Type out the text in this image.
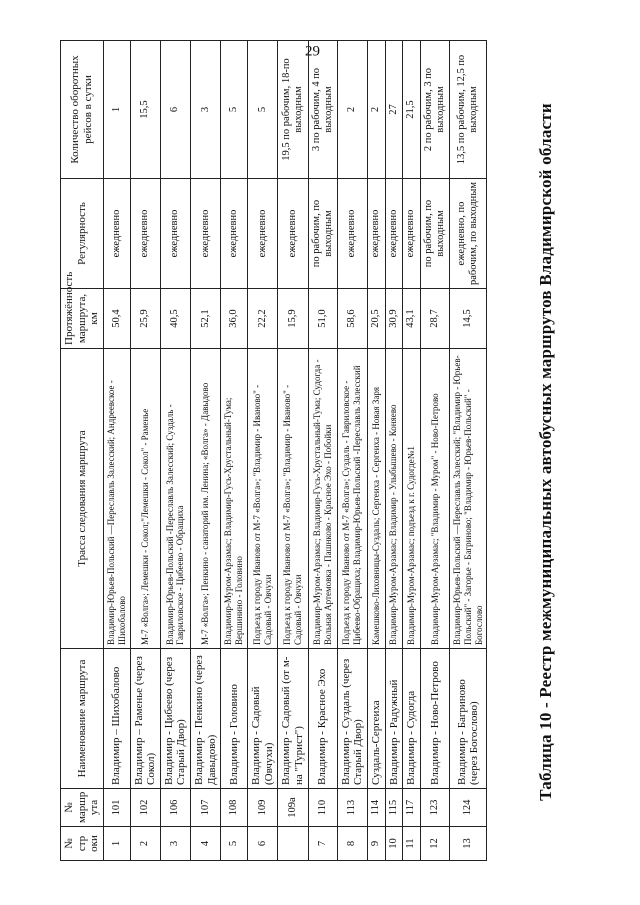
29
№ стр оки	№ маршр ута	Наименование маршрута	Трасса следования маршрута	Протяжённость маршрута, км	Регулярность	Количество оборотных рейсов в сутки
1	101	Владимир – Шихобалово	Владимир-Юрьев-Польский —Переславль Залесский; Андреевское - Шихобалово	50,4	ежедневно	1
2	102	Владимир – Раменье (через Сокол)	М-7 «Волга»; Лемешки - Сокол;"Лемешки - Сокол" - Раменье	25,9	ежедневно	15,5
3	106	Владимир - Цибеево (через Старый Двор)	Владимир-Юрьев-Польский -Переславль Залесский; Суздаль - Гавриловское - Цибеево - Обращиха	40,5	ежедневно	6
4	107	Владимир - Пенкино (через Давыдово)	М-7 «Волга»; Пенкино - санаторий им. Ленина; «Волга» - Давыдово	52,1	ежедневно	3
5	108	Владимир - Головино	Владимир-Муром-Арзамас; Владимир-Гусь-Хрустальный-Тума; Вершинино - Головино	36,0	ежедневно	5
6	109	Владимир - Садовый (Овчухи)	Подъезд к городу Иваново от М-7 «Волга»; "Владимир - Иваново" - Садовый - Овчухи	22,2	ежедневно	5
	109а	Владимир - Садовый (от м-на "Турист")	Подъезд к городу Иваново от М-7 «Волга»; "Владимир - Иваново" - Садовый - Овчухи	15,9	ежедневно	19,5 по рабочим, 18-по выходным
7	110	Владимир - Красное Эхо	Владимир-Муром-Арзамас; Владимир-Гусь-Хрустальный-Тума; Судогда - Вольная Артемовка - Пашнково - Красное Эхо - Побойки	51,0	по рабочим, по выходным	3 по рабочим, 4 по выходным
8	113	Владимир - Суздаль (через Старый Двор)	Подъезд к городу Иваново от М-7 «Волга»; Суздаль - Гавриловское - Цибеево-Обращиха; Владимир-Юрьев-Польский -Переславль Залесский	58,6	ежедневно	2
9	114	Суздаль-Сергеиха	Камешково-Лиховницы-Суздаль; Сергеиха - Сергеиха - Новая Заря	20,5	ежедневно	2
10	115	Владимир - Радужный	Владимир-Муром-Арзамас; Владимир - Улыбышево - Коняево	30,9	ежедневно	27
11	117	Владимир - Судогда	Владимир-Муром-Арзамас; подъезд к г. Судогде№1	43,1	ежедневно	21,5
12	123	Владимир - Ново-Петрово	Владимир-Муром-Арзамас; "Владимир - Муром" - Ново-Петрово	28,7	по рабочим, по выходным	2 по рабочим, 3 по выходным
13	124	Владимир - Багриново (через Богослово)	Владимир-Юрьев-Польский —Переславль Залесский; "Владимир - Юрьев-Польский" - Загорье - Багриново; "Владимир - Юрьев-Польский" - Богослово	14,5	ежедневно, по рабочим, по выходным	13,5 по рабочим, 12,5 по выходным	Таблица 10 - Реестр межмуниципальных автобусных маршрутов Владимирской области
